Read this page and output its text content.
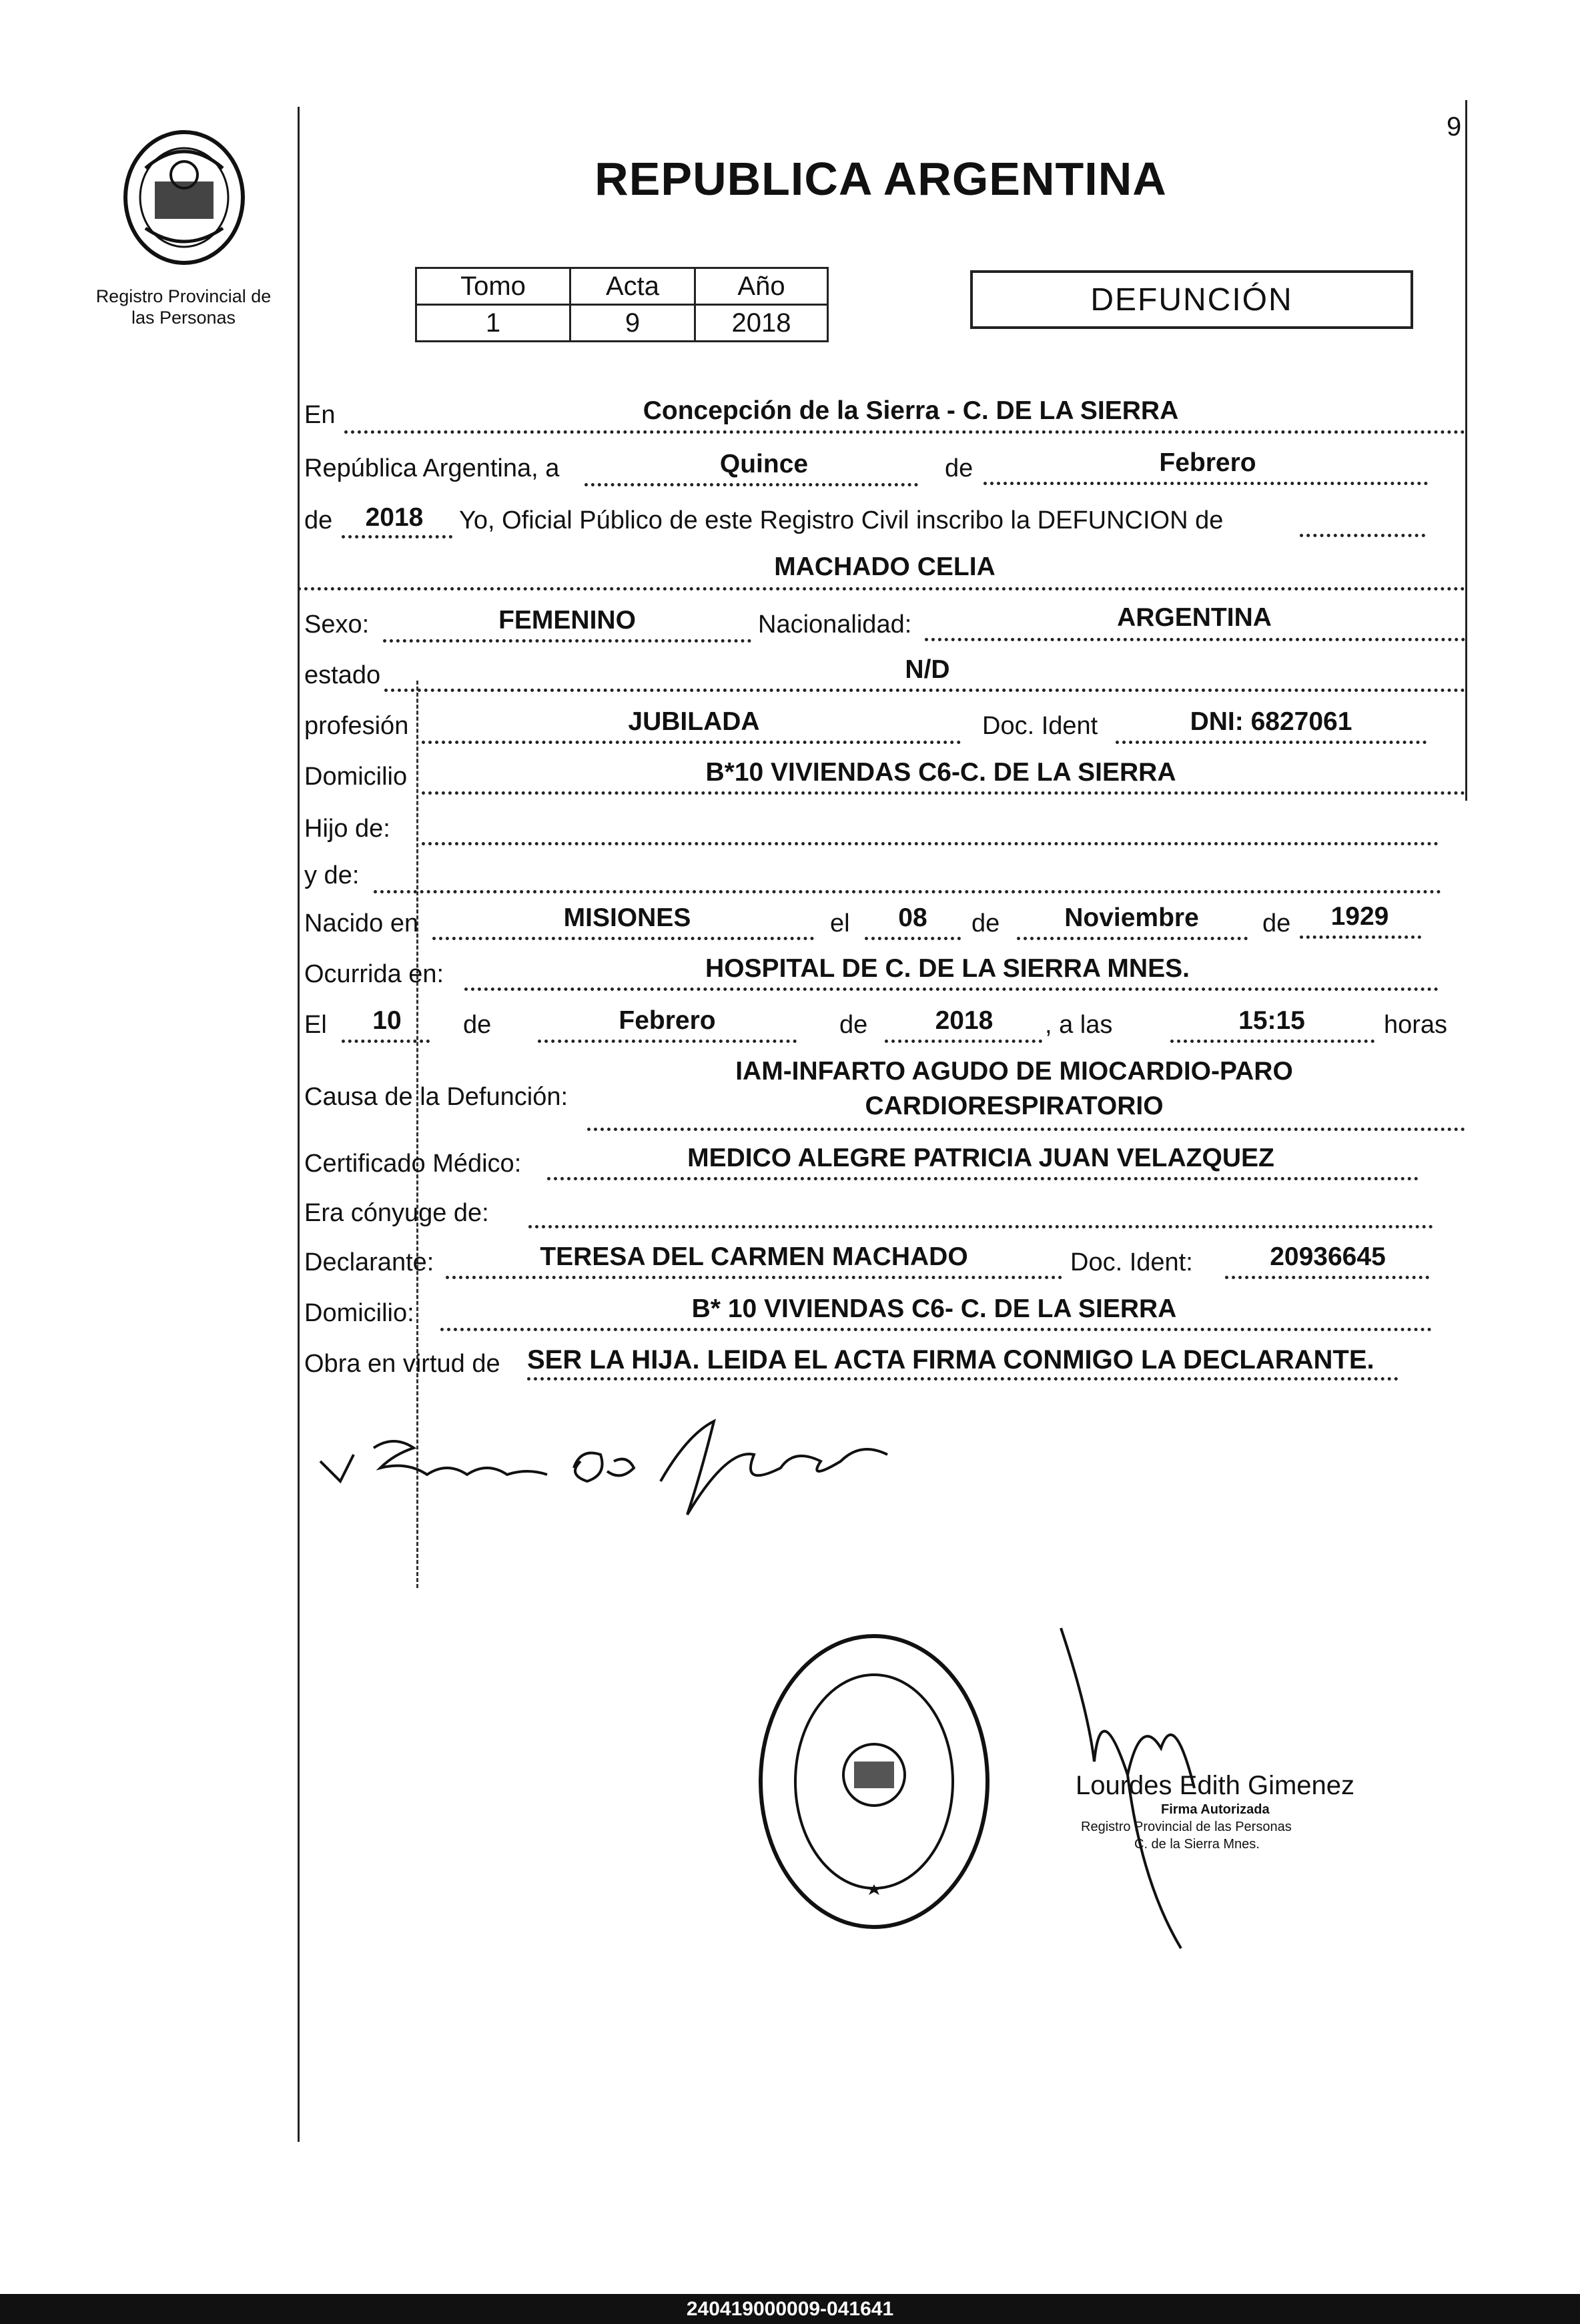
9
Registro Provincial de
las Personas
REPUBLICA ARGENTINA
Tomo	Acta	Año
1	9	2018
DEFUNCIÓN
En	Concepción de la Sierra - C. DE LA SIERRA
República Argentina, a	Quince	de	Febrero
de	2018	Yo, Oficial Público de este Registro Civil inscribo la DEFUNCION de
MACHADO CELIA
Sexo:	FEMENINO	Nacionalidad:	ARGENTINA
estado	N/D
profesión	JUBILADA	Doc. Ident	DNI: 6827061
Domicilio	B*10 VIVIENDAS C6-C. DE LA SIERRA
Hijo de:
y de:
Nacido en	MISIONES	el	08	de	Noviembre	de	1929
Ocurrida en:	HOSPITAL DE C. DE LA SIERRA MNES.
El	10	de	Febrero	de	2018	, a las	15:15	horas
Causa de la Defunción:
IAM-INFARTO AGUDO DE MIOCARDIO-PARO
CARDIORESPIRATORIO
Certificado Médico:	MEDICO ALEGRE PATRICIA JUAN VELAZQUEZ
Era cónyuge de:
Declarante:	TERESA DEL CARMEN MACHADO	Doc. Ident:	20936645
Domicilio:	B* 10 VIVIENDAS C6- C. DE LA SIERRA
Obra en virtud de SER LA HIJA. LEIDA EL ACTA FIRMA CONMIGO LA DECLARANTE.
Lourdes Edith Gimenez
Firma Autorizada
Registro Provincial de las Personas
C. de la Sierra Mnes.
240419000009-041641
